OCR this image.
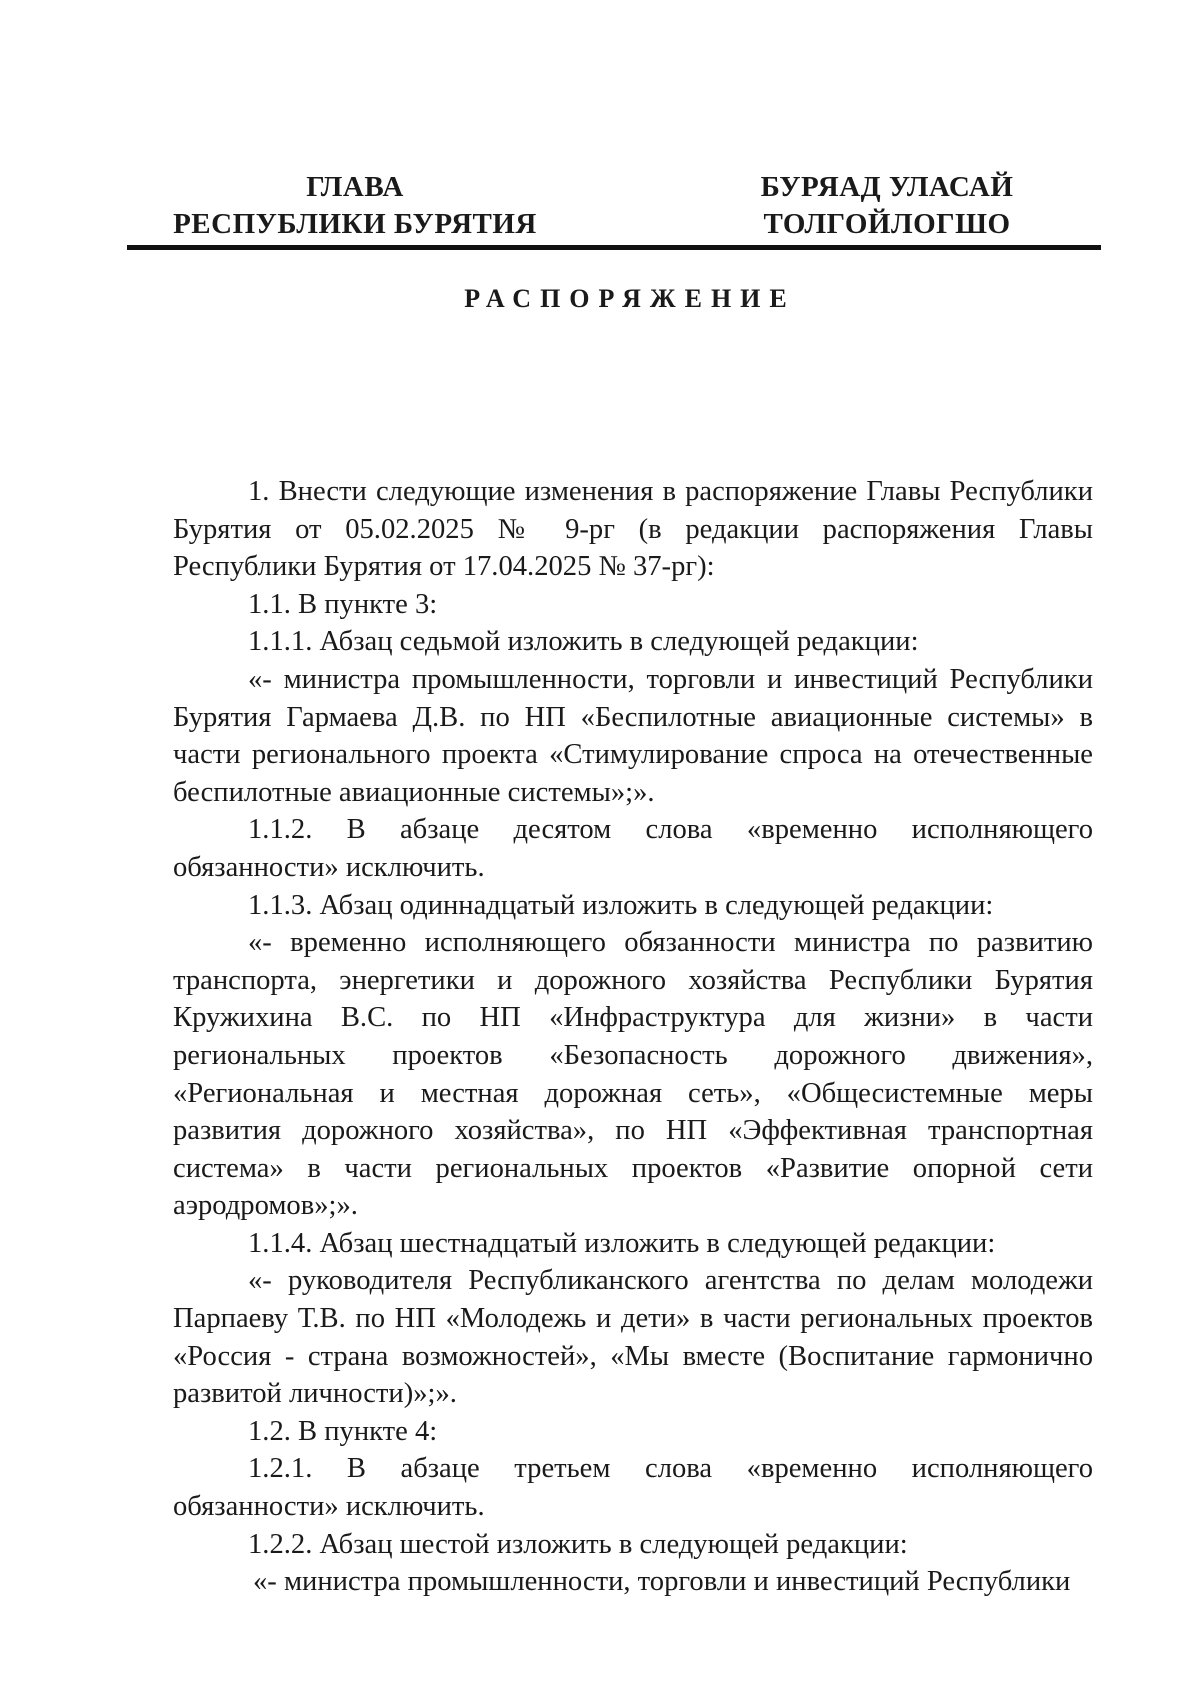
ГЛАВА
РЕСПУБЛИКИ БУРЯТИЯ
БУРЯАД УЛАСАЙ
ТОЛГОЙЛОГШО
РАСПОРЯЖЕНИЕ

1. Внести следующие изменения в распоряжение Главы Республики Бурятия от 05.02.2025 № 9-рг (в редакции распоряжения Главы Республики Бурятия от 17.04.2025 № 37-рг):

1.1. В пункте 3:

1.1.1. Абзац седьмой изложить в следующей редакции:

«- министра промышленности, торговли и инвестиций Республики Бурятия Гармаева Д.В. по НП «Беспилотные авиационные системы» в части регионального проекта «Стимулирование спроса на отечественные беспилотные авиационные системы»;».

1.1.2. В абзаце десятом слова «временно исполняющего обязанности» исключить.

1.1.3. Абзац одиннадцатый изложить в следующей редакции:

«- временно исполняющего обязанности министра по развитию транспорта, энергетики и дорожного хозяйства Республики Бурятия Кружихина В.С. по НП «Инфраструктура для жизни» в части региональных проектов «Безопасность дорожного движения», «Региональная и местная дорожная сеть», «Общесистемные меры развития дорожного хозяйства», по НП «Эффективная транспортная система» в части региональных проектов «Развитие опорной сети аэродромов»;».

1.1.4. Абзац шестнадцатый изложить в следующей редакции:

«- руководителя Республиканского агентства по делам молодежи Парпаеву Т.В. по НП «Молодежь и дети» в части региональных проектов «Россия - страна возможностей», «Мы вместе (Воспитание гармонично развитой личности)»;».

1.2. В пункте 4:

1.2.1. В абзаце третьем слова «временно исполняющего обязанности» исключить.

1.2.2. Абзац шестой изложить в следующей редакции:

«- министра промышленности, торговли и инвестиций Республики
